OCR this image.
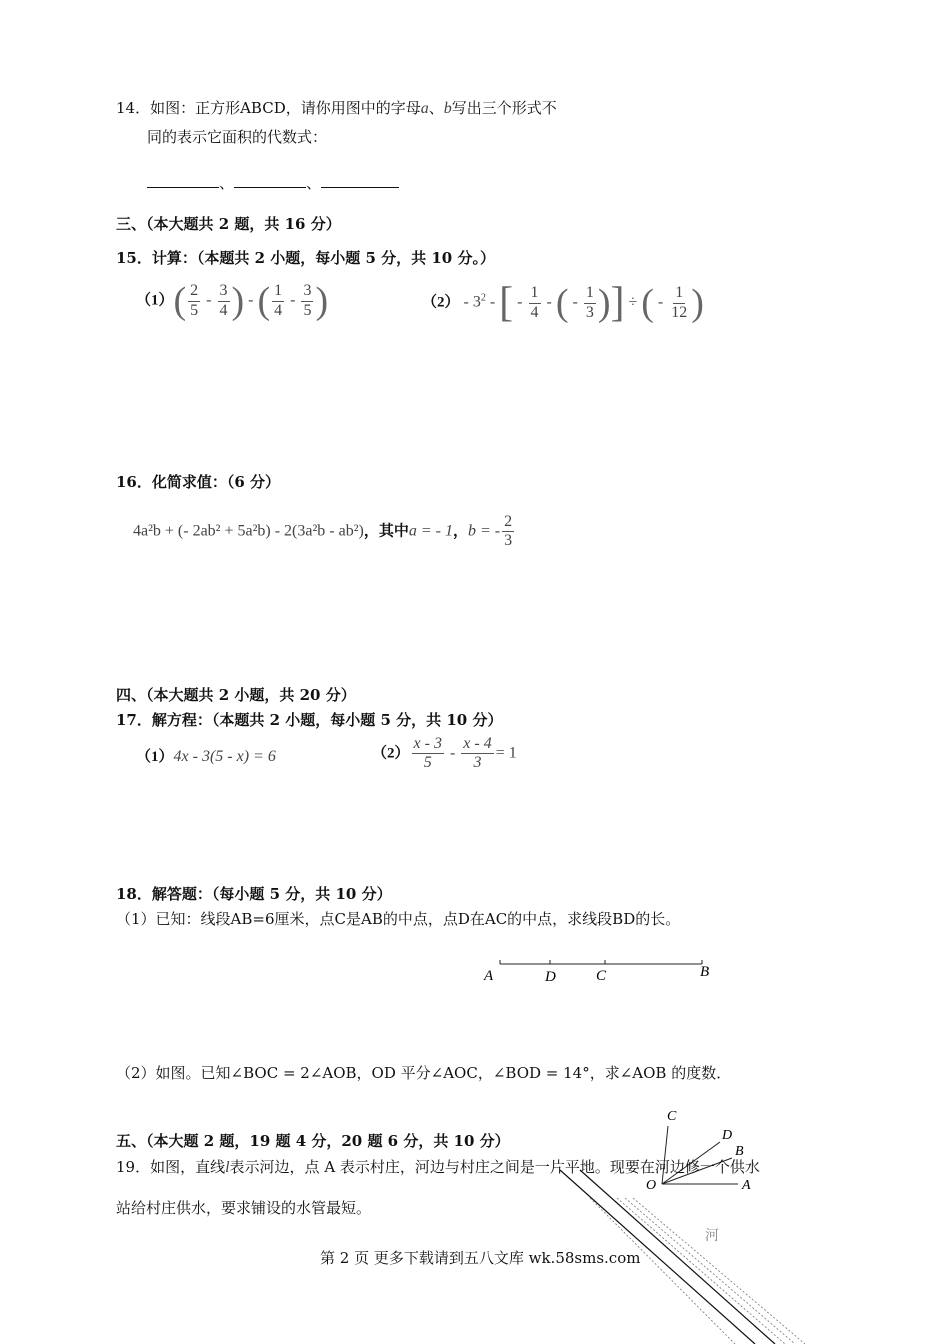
14．如图：正方形ABCD，请你用图中的字母a、b写出三个形式不
同的表示它面积的代数式：
、	、
三、（本大题共 2 题，共 16 分）
15．计算：（本题共 2 小题，每小题 5 分，共 10 分。）
$(1)( \frac{2}{5} - \frac{3}{4}$ ) - ( $\frac{1}{4} - \frac{3}{5}$ )	$(2) - 3^2$ - [ - $\frac{1}{4}$ - ( - $\frac{1}{3}$ )] ÷ ( - $\frac{1}{12}$ )
16．化简求值：（6 分）
4a²b + (- 2ab² + 5a²b) - 2(3a²b - ab²)，其中a = - 1，b = - $\frac{2}{3}$
四、（本大题共 2 小题，共 20 分）
17．解方程：（本题共 2 小题，每小题 5 分，共 10 分）
（1）4x - 3(5 - x) = 6	$(2) \frac{x - 3}{5} - \frac{x - 4}{3} = 1$
18．解答题：（每小题 5 分，共 10 分）
（1）已知：线段AB=6厘米，点C是AB的中点，点D在AC的中点，求线段BD的长。
A	D	C	B
（2）如图。已知∠BOC = 2∠AOB，OD 平分∠AOC，∠BOD = 14°，求∠AOB 的度数．
五、（本大题 2 题，19 题 4 分，20 题 6 分，共 10 分）
C
D
B
O	A
19．如图，直线l表示河边，点 A 表示村庄，河边与村庄之间是一片平地。现要在河边修一个供水
站给村庄供水，要求铺设的水管最短。
河
第 2 页 更多下载请到五八文库 wk.58sms.com
